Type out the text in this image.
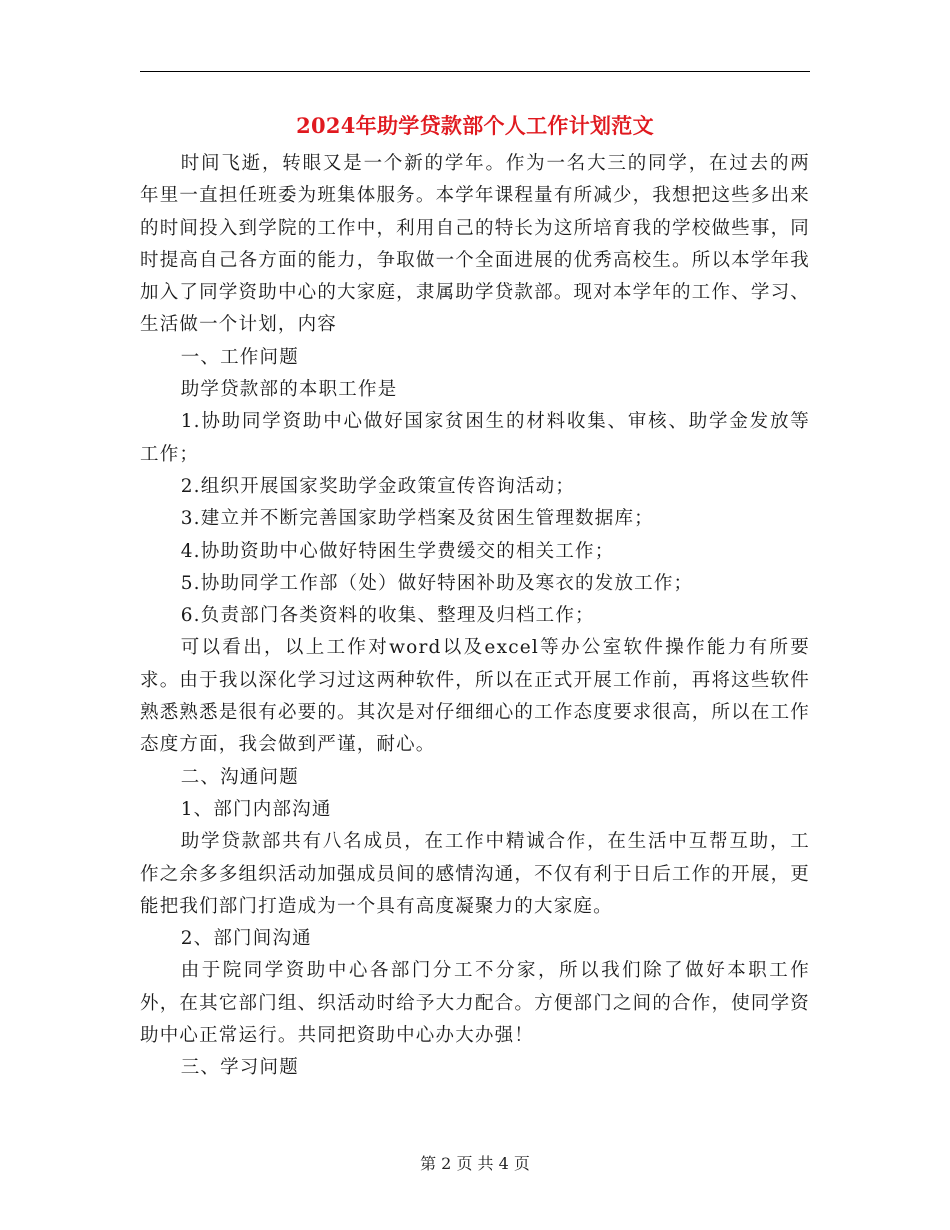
2024年助学贷款部个人工作计划范文

时间飞逝，转眼又是一个新的学年。作为一名大三的同学，在过去的两年里一直担任班委为班集体服务。本学年课程量有所减少，我想把这些多出来的时间投入到学院的工作中，利用自己的特长为这所培育我的学校做些事，同时提高自己各方面的能力，争取做一个全面进展的优秀高校生。所以本学年我加入了同学资助中心的大家庭，隶属助学贷款部。现对本学年的工作、学习、生活做一个计划，内容

一、工作问题

助学贷款部的本职工作是

1.协助同学资助中心做好国家贫困生的材料收集、审核、助学金发放等工作；

2.组织开展国家奖助学金政策宣传咨询活动；

3.建立并不断完善国家助学档案及贫困生管理数据库；

4.协助资助中心做好特困生学费缓交的相关工作；

5.协助同学工作部（处）做好特困补助及寒衣的发放工作；

6.负责部门各类资料的收集、整理及归档工作；

可以看出，以上工作对word以及excel等办公室软件操作能力有所要求。由于我以深化学习过这两种软件，所以在正式开展工作前，再将这些软件熟悉熟悉是很有必要的。其次是对仔细细心的工作态度要求很高，所以在工作态度方面，我会做到严谨，耐心。

二、沟通问题

1、部门内部沟通

助学贷款部共有八名成员，在工作中精诚合作，在生活中互帮互助，工作之余多多组织活动加强成员间的感情沟通，不仅有利于日后工作的开展，更能把我们部门打造成为一个具有高度凝聚力的大家庭。

2、部门间沟通

由于院同学资助中心各部门分工不分家，所以我们除了做好本职工作外，在其它部门组、织活动时给予大力配合。方便部门之间的合作，使同学资助中心正常运行。共同把资助中心办大办强！

三、学习问题

第 2 页 共 4 页
